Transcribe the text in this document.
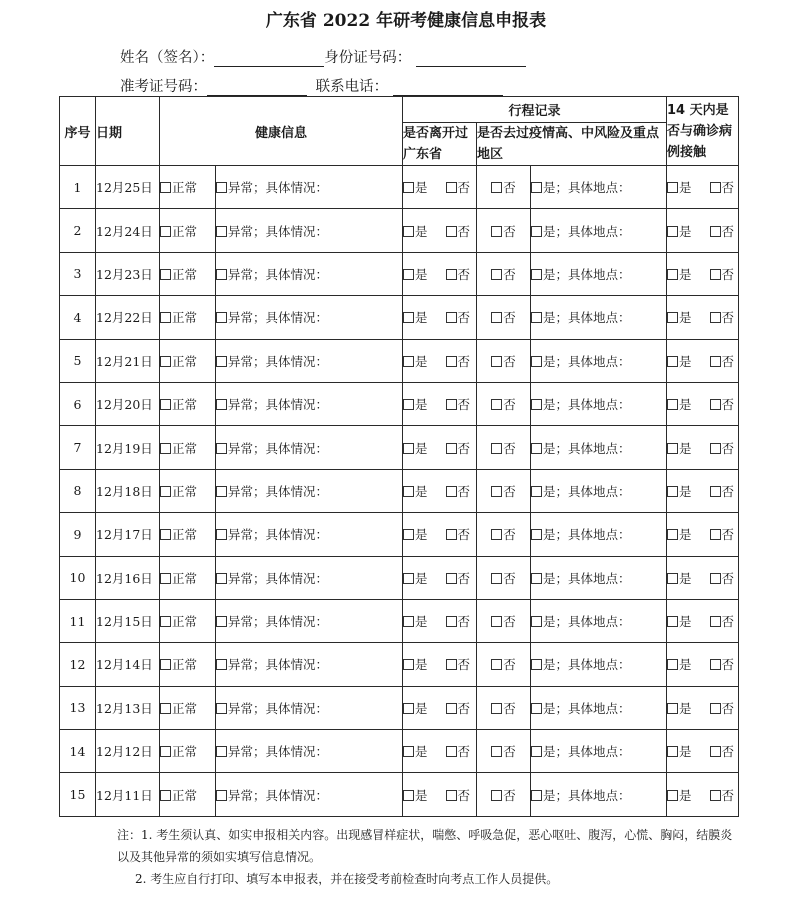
广东省 2022 年研考健康信息申报表
姓名（签名）：	身份证号码：
准考证号码：	联系电话：
序号	日期	健康信息		行程记录			14 天内是否与确诊病例接触
				是否离开过广东省	是否去过疫情高、中风险及重点地区		
1	12月25日	正常	异常；具体情况：	是 否	否	是；具体地点：	是 否
2	12月24日	正常	异常；具体情况：	是 否	否	是；具体地点：	是 否
3	12月23日	正常	异常；具体情况：	是 否	否	是；具体地点：	是 否
4	12月22日	正常	异常；具体情况：	是 否	否	是；具体地点：	是 否
5	12月21日	正常	异常；具体情况：	是 否	否	是；具体地点：	是 否
6	12月20日	正常	异常；具体情况：	是 否	否	是；具体地点：	是 否
7	12月19日	正常	异常；具体情况：	是 否	否	是；具体地点：	是 否
8	12月18日	正常	异常；具体情况：	是 否	否	是；具体地点：	是 否
9	12月17日	正常	异常；具体情况：	是 否	否	是；具体地点：	是 否
10	12月16日	正常	异常；具体情况：	是 否	否	是；具体地点：	是 否
11	12月15日	正常	异常；具体情况：	是 否	否	是；具体地点：	是 否
12	12月14日	正常	异常；具体情况：	是 否	否	是；具体地点：	是 否
13	12月13日	正常	异常；具体情况：	是 否	否	是；具体地点：	是 否
14	12月12日	正常	异常；具体情况：	是 否	否	是；具体地点：	是 否
15	12月11日	正常	异常；具体情况：	是 否	否	是；具体地点：	是 否

注：1. 考生须认真、如实申报相关内容。出现感冒样症状，喘憋、呼吸急促，恶心呕吐、腹泻，心慌、胸闷，结膜炎以及其他异常的须如实填写信息情况。

2. 考生应自行打印、填写本申报表，并在接受考前检查时向考点工作人员提供。
